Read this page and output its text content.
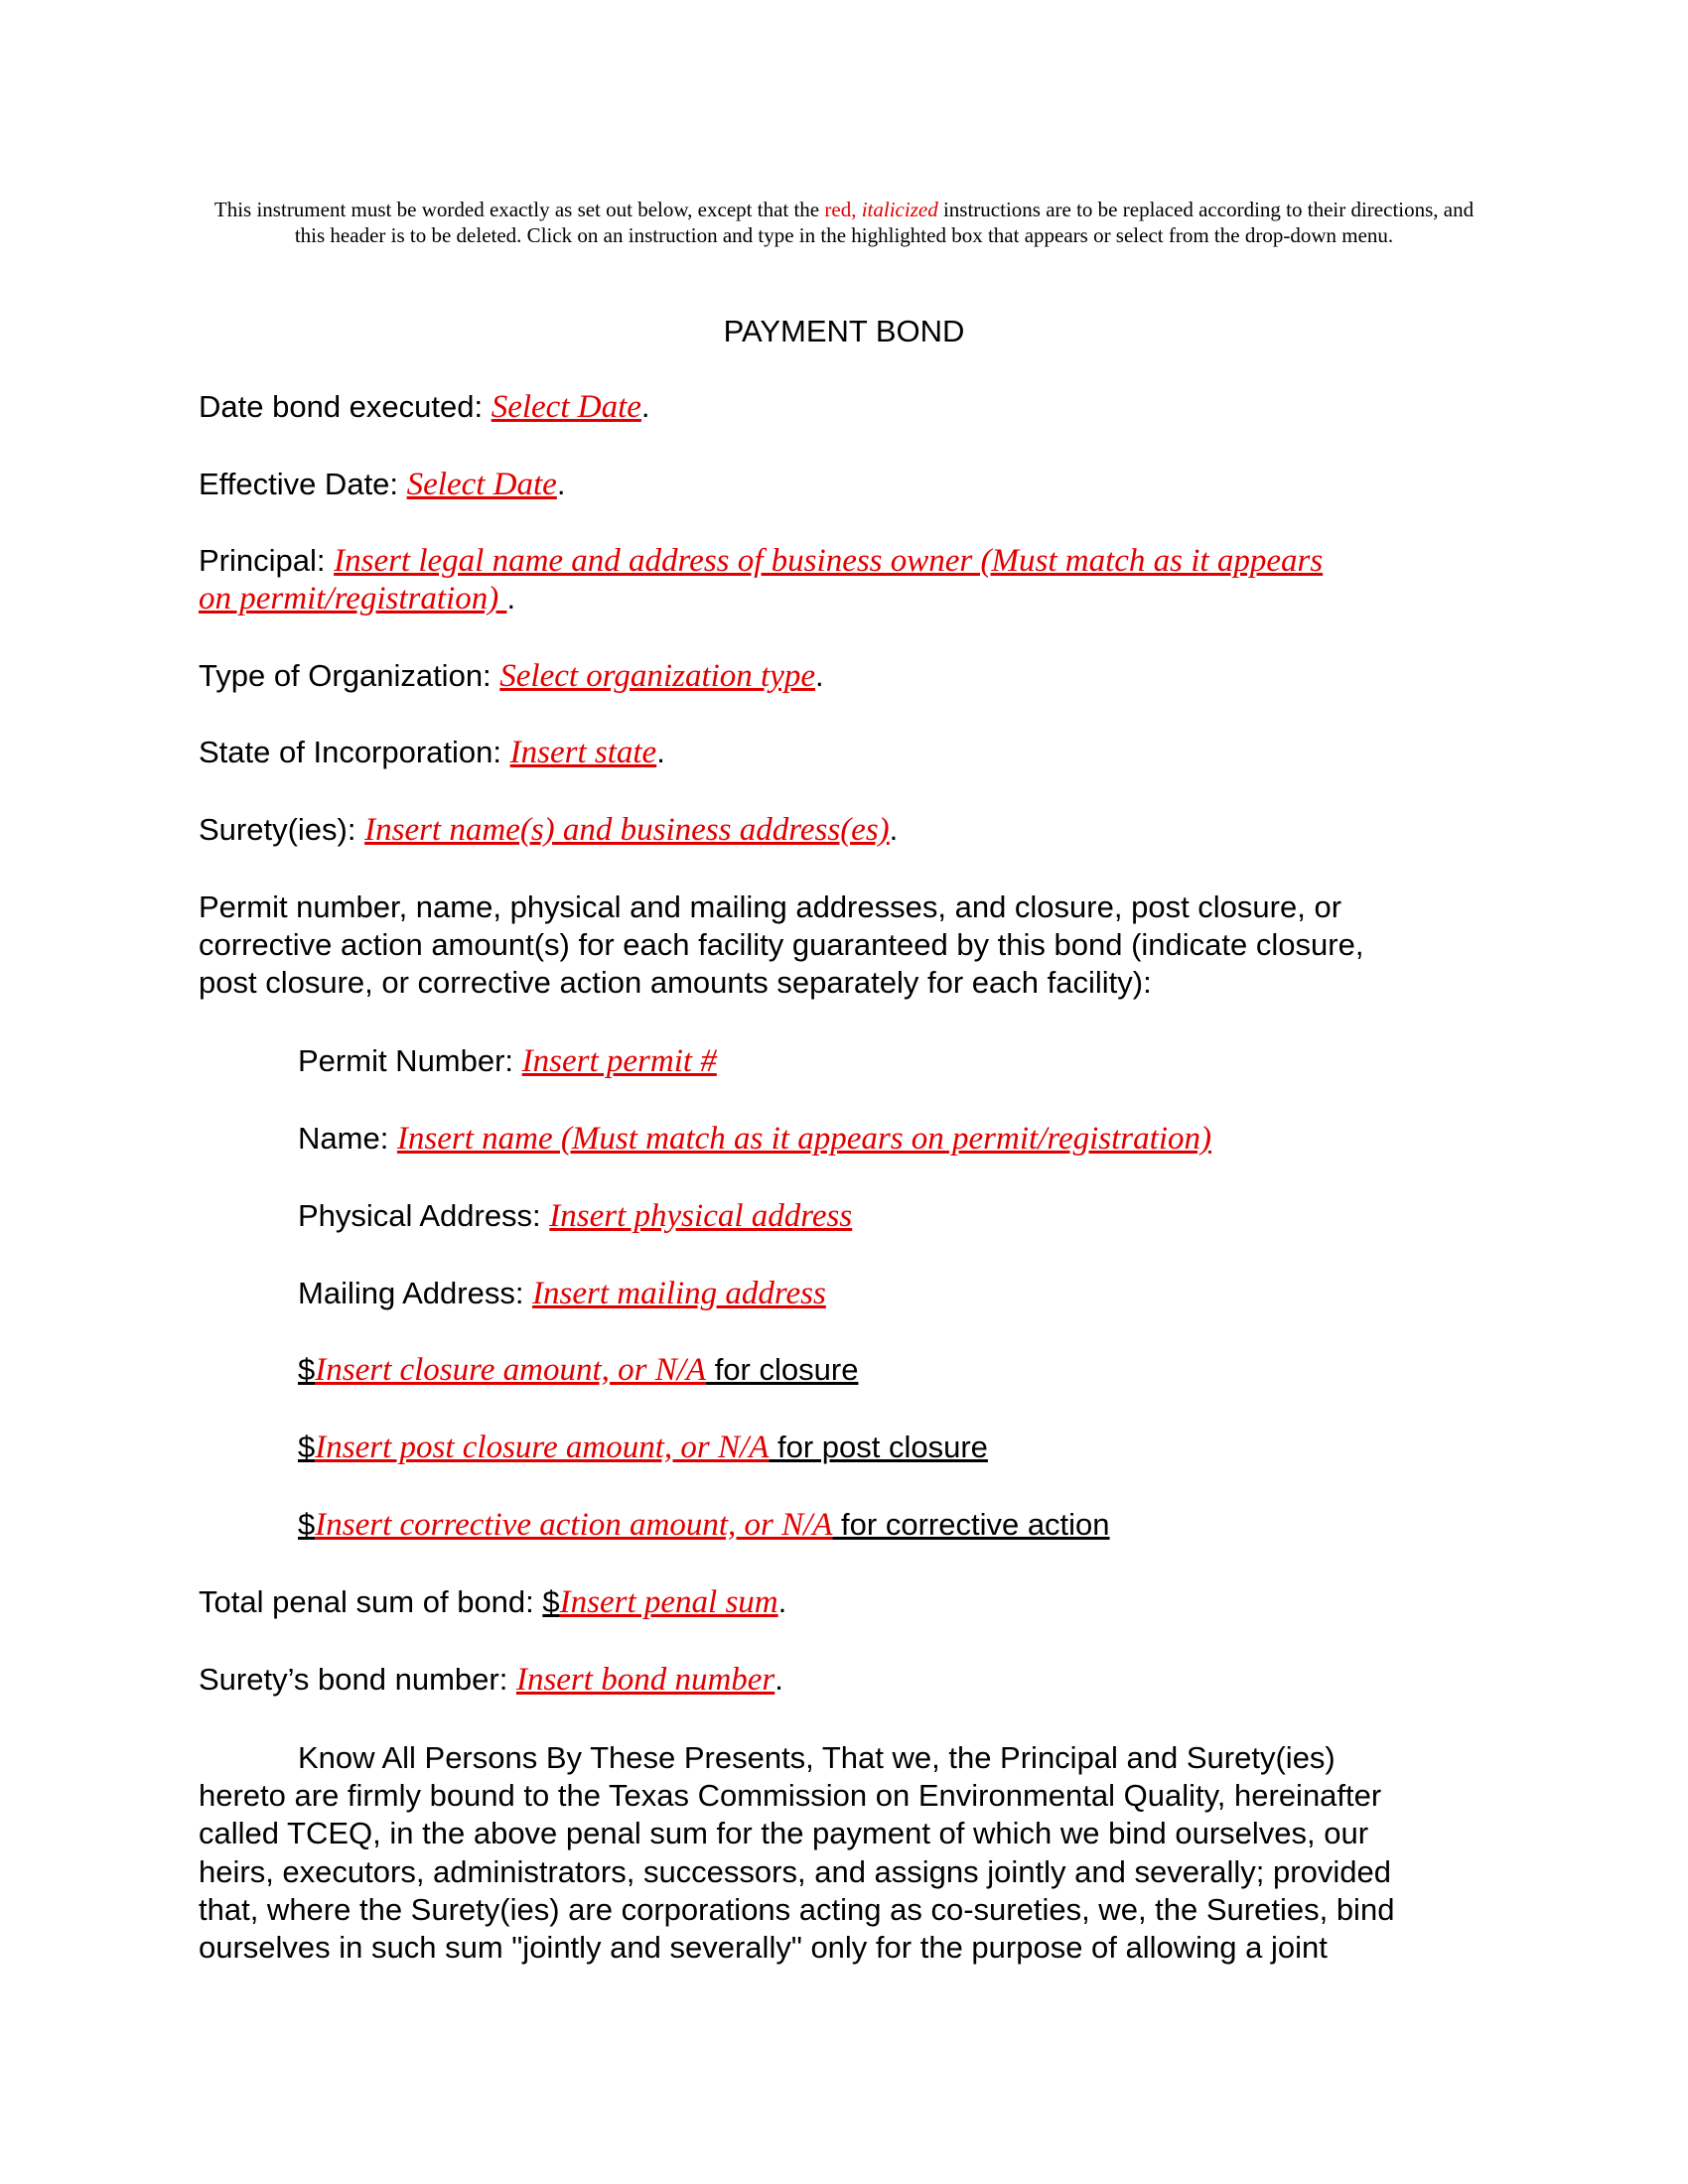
This instrument must be worded exactly as set out below, except that the red, italicized instructions are to be replaced according to their directions, and this header is to be deleted. Click on an instruction and type in the highlighted box that appears or select from the drop-down menu.
PAYMENT BOND
Date bond executed: Select Date.
Effective Date: Select Date.
Principal: Insert legal name and address of business owner (Must match as it appears
on permit/registration) .
Type of Organization: Select organization type.
State of Incorporation: Insert state.
Surety(ies): Insert name(s) and business address(es).
Permit number, name, physical and mailing addresses, and closure, post closure, or
corrective action amount(s) for each facility guaranteed by this bond (indicate closure,
post closure, or corrective action amounts separately for each facility):
Permit Number: Insert permit #
Name: Insert name (Must match as it appears on permit/registration)
Physical Address: Insert physical address
Mailing Address: Insert mailing address
$Insert closure amount, or N/A for closure
$Insert post closure amount, or N/A for post closure
$Insert corrective action amount, or N/A for corrective action
Total penal sum of bond: $Insert penal sum.
Surety’s bond number: Insert bond number.
Know All Persons By These Presents, That we, the Principal and Surety(ies)
hereto are firmly bound to the Texas Commission on Environmental Quality, hereinafter
called TCEQ, in the above penal sum for the payment of which we bind ourselves, our
heirs, executors, administrators, successors, and assigns jointly and severally; provided
that, where the Surety(ies) are corporations acting as co-sureties, we, the Sureties, bind
ourselves in such sum "jointly and severally" only for the purpose of allowing a joint
